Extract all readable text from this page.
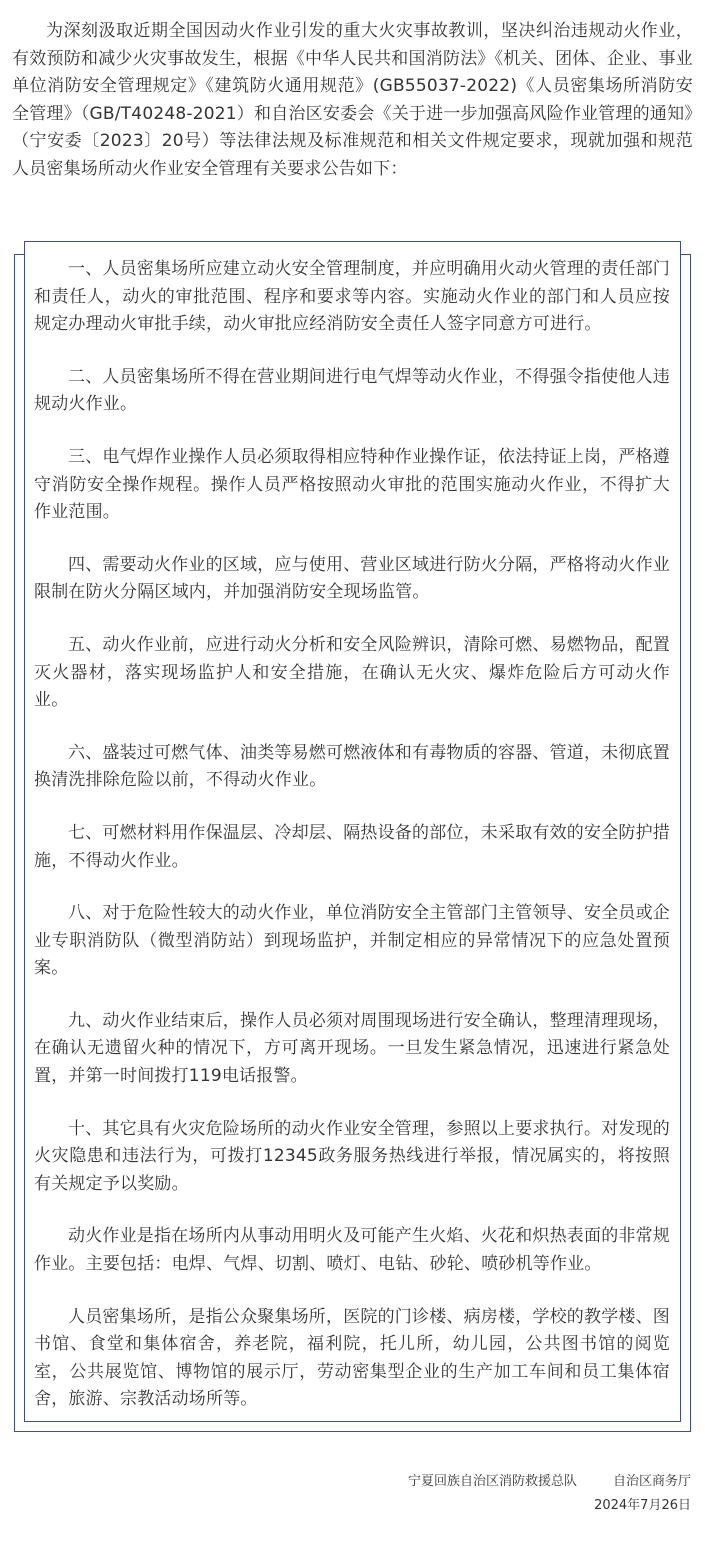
为深刻汲取近期全国因动火作业引发的重大火灾事故教训，坚决纠治违规动火作业，有效预防和减少火灾事故发生，根据《中华人民共和国消防法》《机关、团体、企业、事业单位消防安全管理规定》《建筑防火通用规范》(GB55037-2022)《人员密集场所消防安全管理》（GB/T40248-2021）和自治区安委会《关于进一步加强高风险作业管理的通知》（宁安委〔2023〕20号）等法律法规及标准规范和相关文件规定要求，现就加强和规范人员密集场所动火作业安全管理有关要求公告如下：

一、人员密集场所应建立动火安全管理制度，并应明确用火动火管理的责任部门和责任人，动火的审批范围、程序和要求等内容。实施动火作业的部门和人员应按规定办理动火审批手续，动火审批应经消防安全责任人签字同意方可进行。

二、人员密集场所不得在营业期间进行电气焊等动火作业，不得强令指使他人违规动火作业。

三、电气焊作业操作人员必须取得相应特种作业操作证，依法持证上岗，严格遵守消防安全操作规程。操作人员严格按照动火审批的范围实施动火作业，不得扩大作业范围。

四、需要动火作业的区域，应与使用、营业区域进行防火分隔，严格将动火作业限制在防火分隔区域内，并加强消防安全现场监管。

五、动火作业前，应进行动火分析和安全风险辨识，清除可燃、易燃物品，配置灭火器材，落实现场监护人和安全措施，在确认无火灾、爆炸危险后方可动火作业。

六、盛装过可燃气体、油类等易燃可燃液体和有毒物质的容器、管道，未彻底置换清洗排除危险以前，不得动火作业。

七、可燃材料用作保温层、冷却层、隔热设备的部位，未采取有效的安全防护措施，不得动火作业。

八、对于危险性较大的动火作业，单位消防安全主管部门主管领导、安全员或企业专职消防队（微型消防站）到现场监护，并制定相应的异常情况下的应急处置预案。

九、动火作业结束后，操作人员必须对周围现场进行安全确认，整理清理现场，在确认无遗留火种的情况下，方可离开现场。一旦发生紧急情况，迅速进行紧急处置，并第一时间拨打119电话报警。

十、其它具有火灾危险场所的动火作业安全管理，参照以上要求执行。对发现的火灾隐患和违法行为，可拨打12345政务服务热线进行举报，情况属实的，将按照有关规定予以奖励。

动火作业是指在场所内从事动用明火及可能产生火焰、火花和炽热表面的非常规作业。主要包括：电焊、气焊、切割、喷灯、电钻、砂轮、喷砂机等作业。

人员密集场所，是指公众聚集场所，医院的门诊楼、病房楼，学校的教学楼、图书馆、食堂和集体宿舍，养老院，福利院，托儿所，幼儿园，公共图书馆的阅览室，公共展览馆、博物馆的展示厅，劳动密集型企业的生产加工车间和员工集体宿舍，旅游、宗教活动场所等。

宁夏回族自治区消防救援总队	自治区商务厅
2024年7月26日
